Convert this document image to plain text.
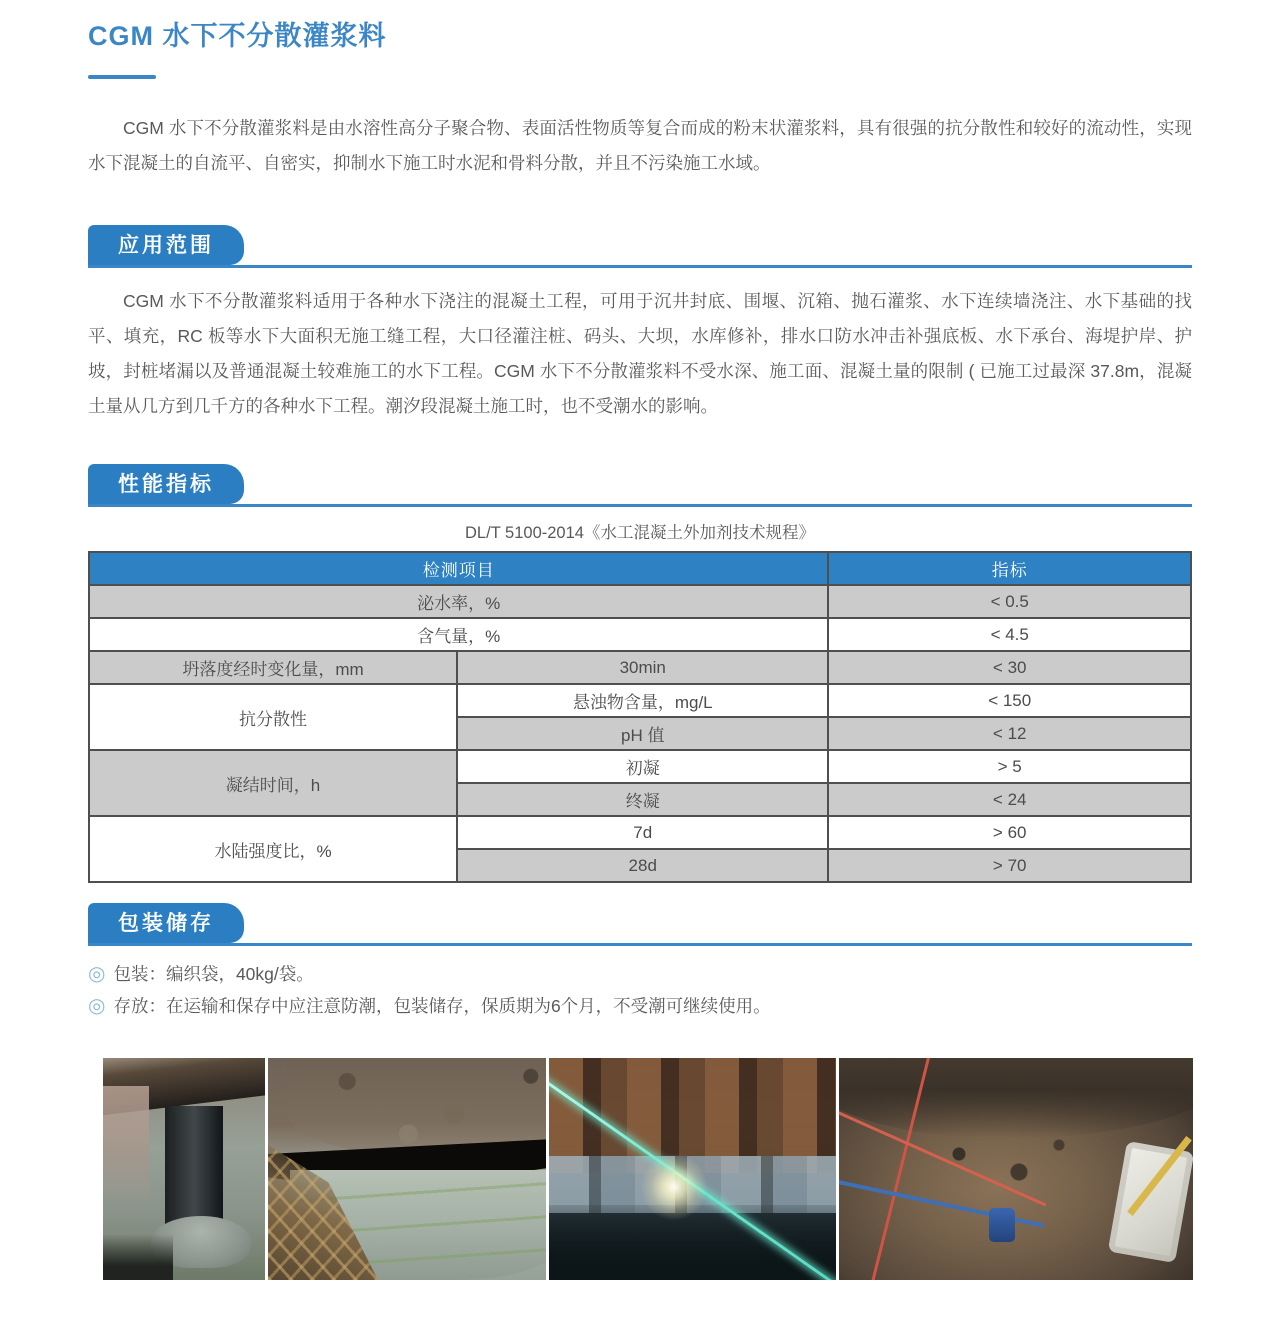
CGM 水下不分散灌浆料

CGM 水下不分散灌浆料是由水溶性高分子聚合物、表面活性物质等复合而成的粉末状灌浆料，具有很强的抗分散性和较好的流动性，实现水下混凝土的自流平、自密实，抑制水下施工时水泥和骨料分散，并且不污染施工水域。

应用范围

CGM 水下不分散灌浆料适用于各种水下浇注的混凝土工程，可用于沉井封底、围堰、沉箱、抛石灌浆、水下连续墙浇注、水下基础的找平、填充，RC 板等水下大面积无施工缝工程，大口径灌注桩、码头、大坝，水库修补，排水口防水冲击补强底板、水下承台、海堤护岸、护坡，封桩堵漏以及普通混凝土较难施工的水下工程。CGM 水下不分散灌浆料不受水深、施工面、混凝土量的限制 ( 已施工过最深 37.8m，混凝土量从几方到几千方的各种水下工程。潮汐段混凝土施工时，也不受潮水的影响。

性能指标
DL/T 5100-2014《水工混凝土外加剂技术规程》
检测项目		指标
泌水率，%		< 0.5
含气量，%		< 4.5
坍落度经时变化量，mm	30min	< 30
抗分散性	悬浊物含量，mg/L	< 150
	pH 值	< 12
凝结时间，h	初凝	> 5
	终凝	< 24
水陆强度比，%	7d	> 60
	28d	> 70
包装储存
◎ 包装：编织袋，40kg/袋。
◎ 存放：在运输和保存中应注意防潮，包装储存，保质期为6个月，不受潮可继续使用。
